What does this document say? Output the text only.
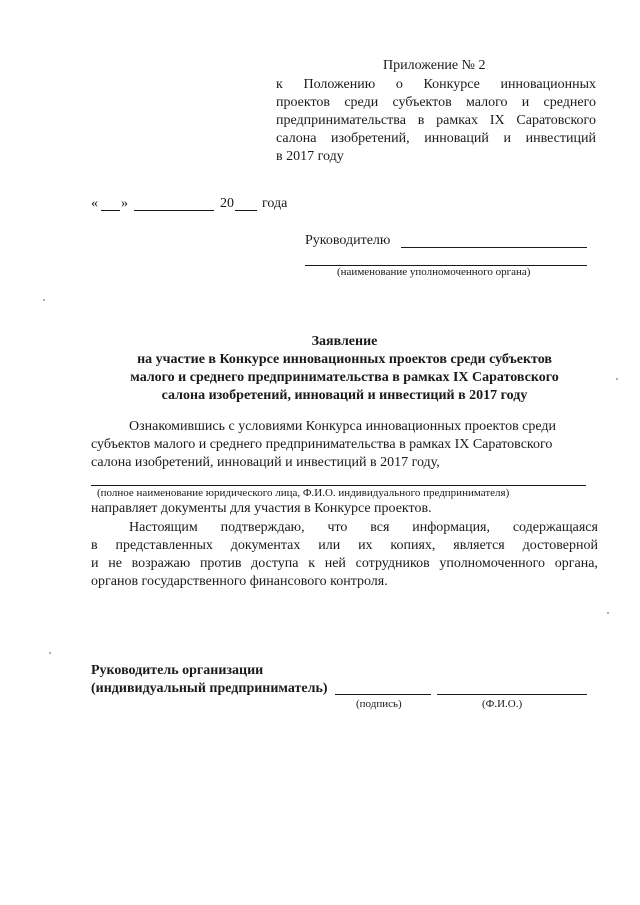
Приложение № 2
к Положению о Конкурсе инновационных
проектов среди субъектов малого и среднего
предпринимательства в рамках IX Саратовского
салона изобретений, инноваций и инвестиций
в 2017 году
« »	20 года
Руководителю
(наименование уполномоченного органа)
Заявление
на участие в Конкурсе инновационных проектов среди субъектов
малого и среднего предпринимательства в рамках IX Саратовского
салона изобретений, инноваций и инвестиций в 2017 году
Ознакомившись с условиями Конкурса инновационных проектов среди
субъектов малого и среднего предпринимательства в рамках IX Саратовского
салона изобретений, инноваций и инвестиций в 2017 году,
(полное наименование юридического лица, Ф.И.О. индивидуального предпринимателя)
направляет документы для участия в Конкурсе проектов.
Настоящим подтверждаю, что вся информация, содержащаяся
в представленных документах или их копиях, является достоверной
и не возражаю против доступа к ней сотрудников уполномоченного органа,
органов государственного финансового контроля.
Руководитель организации
(индивидуальный предприниматель)
(подпись)	(Ф.И.О.)
